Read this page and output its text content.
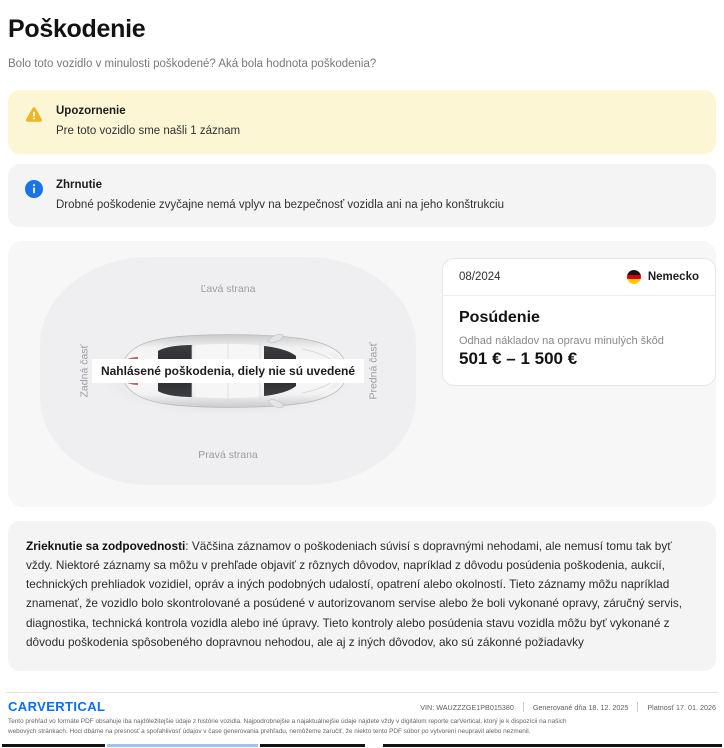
Poškodenie
Bolo toto vozidlo v minulosti poškodené? Aká bola hodnota poškodenia?
Upozornenie
Pre toto vozidlo sme našli 1 záznam
Zhrnutie
Drobné poškodenie zvyčajne nemá vplyv na bezpečnosť vozidla ani na jeho konštrukciu
Ľavá strana
Pravá strana
Zadná časť	Predná časť
Nahlásené poškodenia, diely nie sú uvedené
08/2024	Nemecko
Posúdenie
Odhad nákladov na opravu minulých škôd
501 € – 1 500 €
Zrieknutie sa zodpovednosti: Väčšina záznamov o poškodeniach súvisí s dopravnými nehodami, ale nemusí tomu tak byť vždy. Niektoré záznamy sa môžu v prehľade objaviť z rôznych dôvodov, napríklad z dôvodu posúdenia poškodenia, aukcií, technických prehliadok vozidiel, opráv a iných podobných udalostí, opatrení alebo okolností. Tieto záznamy môžu napríklad znamenať, že vozidlo bolo skontrolované a posúdené v autorizovanom servise alebo že boli vykonané opravy, záručný servis, diagnostika, technická kontrola vozidla alebo iné úpravy. Tieto kontroly alebo posúdenia stavu vozidla môžu byť vykonané z dôvodu poškodenia spôsobeného dopravnou nehodou, ale aj z iných dôvodov, ako sú zákonné požiadavky
CARVERTICAL	VIN: WAUZZZGE1PB015380	Generované dňa 18. 12. 2025	Platnosť 17. 01. 2026
Tento prehľad vo formáte PDF obsahuje iba najdôležitejšie údaje z histórie vozidla. Najpodrobnejšie a najaktuálnejšie údaje nájdete vždy v digitálom reporte carVertical, ktorý je k dispozícii na našich
webových stránkach. Hoci dbáme na presnosť a spoľahlivosť údajov v čase generovania prehľadu, nemôžeme zaručiť, že niekto tento PDF súbor po vytvorení neupravil alebo nezmenil.
